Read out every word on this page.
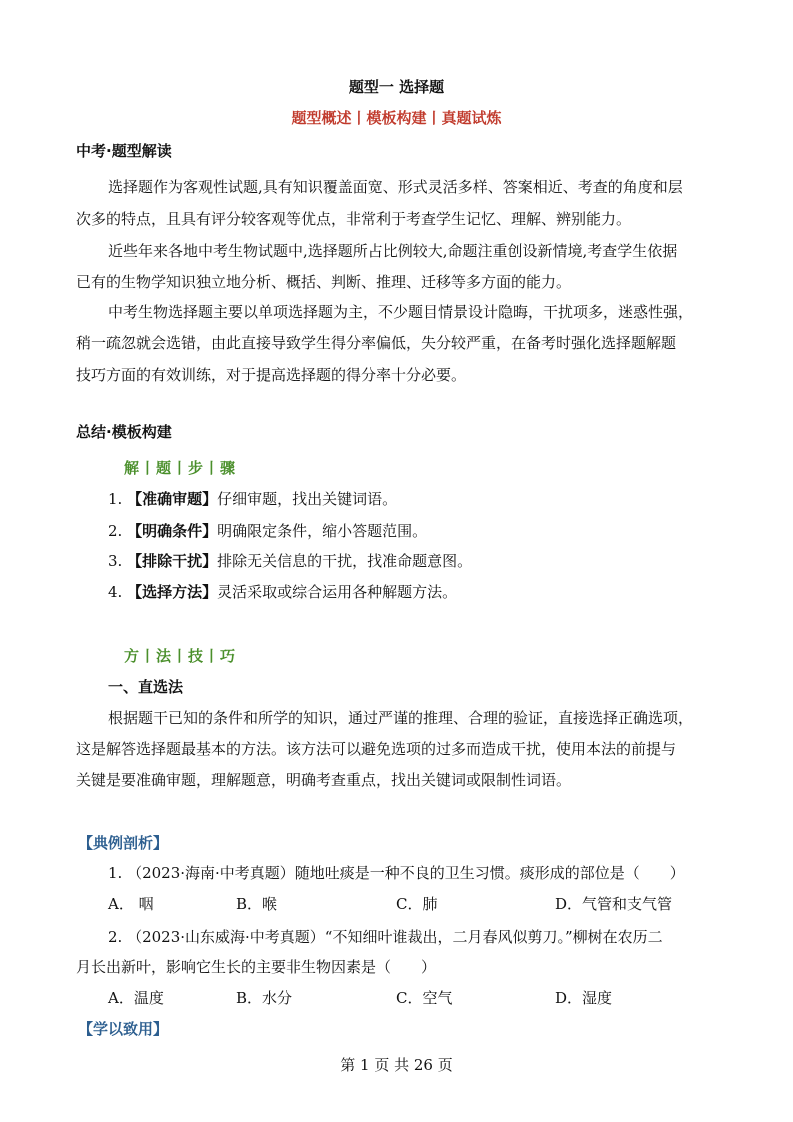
题型一 选择题
题型概述丨模板构建丨真题试炼
中考·题型解读
选择题作为客观性试题,具有知识覆盖面宽、形式灵活多样、答案相近、考查的角度和层
次多的特点，且具有评分较客观等优点，非常利于考查学生记忆、理解、辨别能力。
近些年来各地中考生物试题中,选择题所占比例较大,命题注重创设新情境,考查学生依据
已有的生物学知识独立地分析、概括、判断、推理、迁移等多方面的能力。
中考生物选择题主要以单项选择题为主，不少题目情景设计隐晦，干扰项多，迷惑性强，
稍一疏忽就会选错，由此直接导致学生得分率偏低，失分较严重，在备考时强化选择题解题
技巧方面的有效训练，对于提高选择题的得分率十分必要。
总结·模板构建
解丨题丨步丨骤
1. 【准确审题】仔细审题，找出关键词语。
2. 【明确条件】明确限定条件，缩小答题范围。
3. 【排除干扰】排除无关信息的干扰，找准命题意图。
4. 【选择方法】灵活采取或综合运用各种解题方法。
方丨法丨技丨巧
一、直选法
根据题干已知的条件和所学的知识，通过严谨的推理、合理的验证，直接选择正确选项，
这是解答选择题最基本的方法。该方法可以避免选项的过多而造成干扰，使用本法的前提与
关键是要准确审题，理解题意，明确考查重点，找出关键词或限制性词语。
【典例剖析】
1. （2023·海南·中考真题）随地吐痰是一种不良的卫生习惯。痰形成的部位是（　　）
A． 咽	B．喉	C．肺	D．气管和支气管
2. （2023·山东威海·中考真题）“不知细叶谁裁出，二月春风似剪刀。”柳树在农历二
月长出新叶，影响它生长的主要非生物因素是（　　）
A．温度	B．水分	C．空气	D．湿度
【学以致用】
第 1 页 共 26 页
